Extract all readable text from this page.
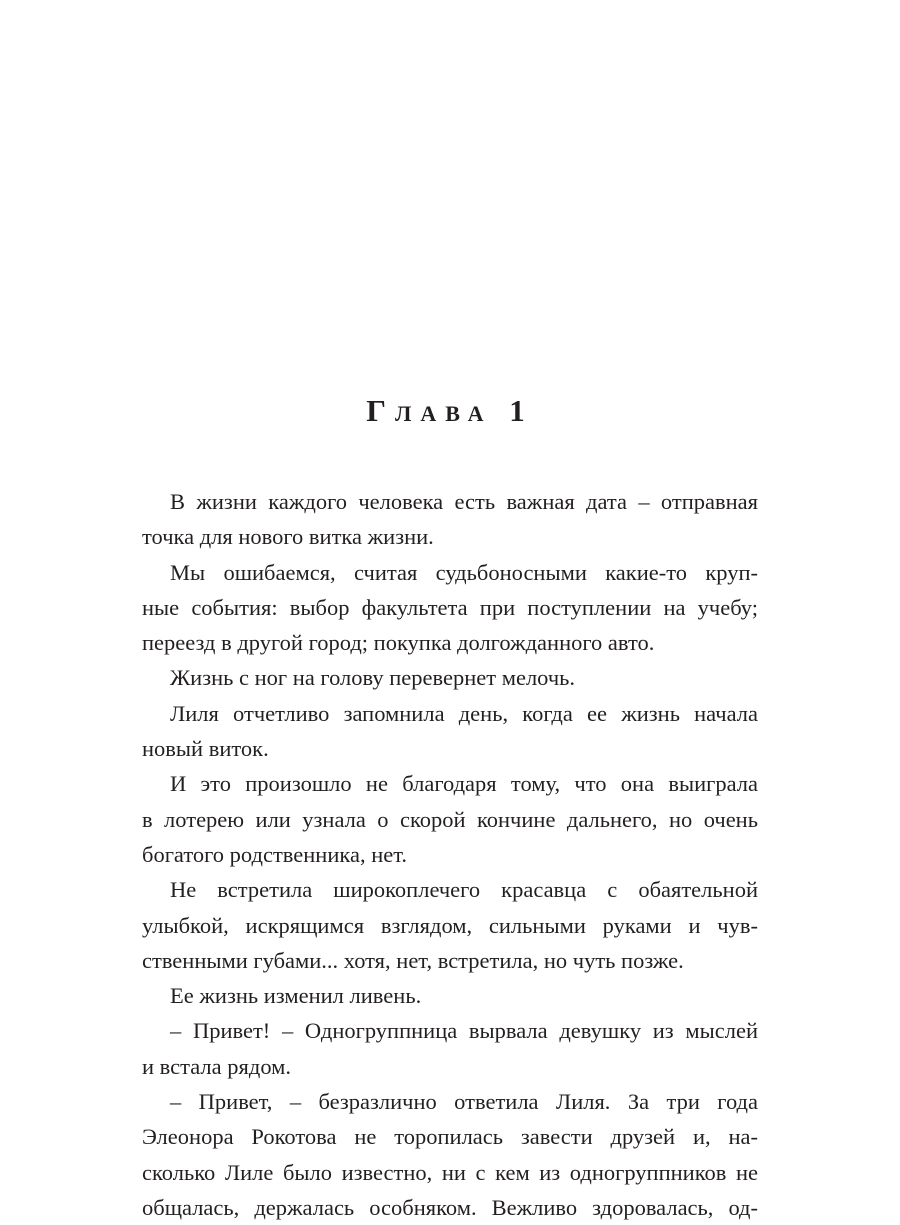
Глава 1
В жизни каждого человека есть важная дата – отправная
точка для нового витка жизни.
Мы ошибаемся, считая судьбоносными какие-то круп-
ные события: выбор факультета при поступлении на учебу;
переезд в другой город; покупка долгожданного авто.
Жизнь с ног на голову перевернет мелочь.
Лиля отчетливо запомнила день, когда ее жизнь начала
новый виток.
И это произошло не благодаря тому, что она выиграла
в лотерею или узнала о скорой кончине дальнего, но очень
богатого родственника, нет.
Не встретила широкоплечего красавца с обаятельной
улыбкой, искрящимся взглядом, сильными руками и чув-
ственными губами... хотя, нет, встретила, но чуть позже.
Ее жизнь изменил ливень.
– Привет! – Одногруппница вырвала девушку из мыслей
и встала рядом.
– Привет, – безразлично ответила Лиля. За три года
Элеонора Рокотова не торопилась завести друзей и, на-
сколько Лиле было известно, ни с кем из одногруппников не
общалась, держалась особняком. Вежливо здоровалась, од-
